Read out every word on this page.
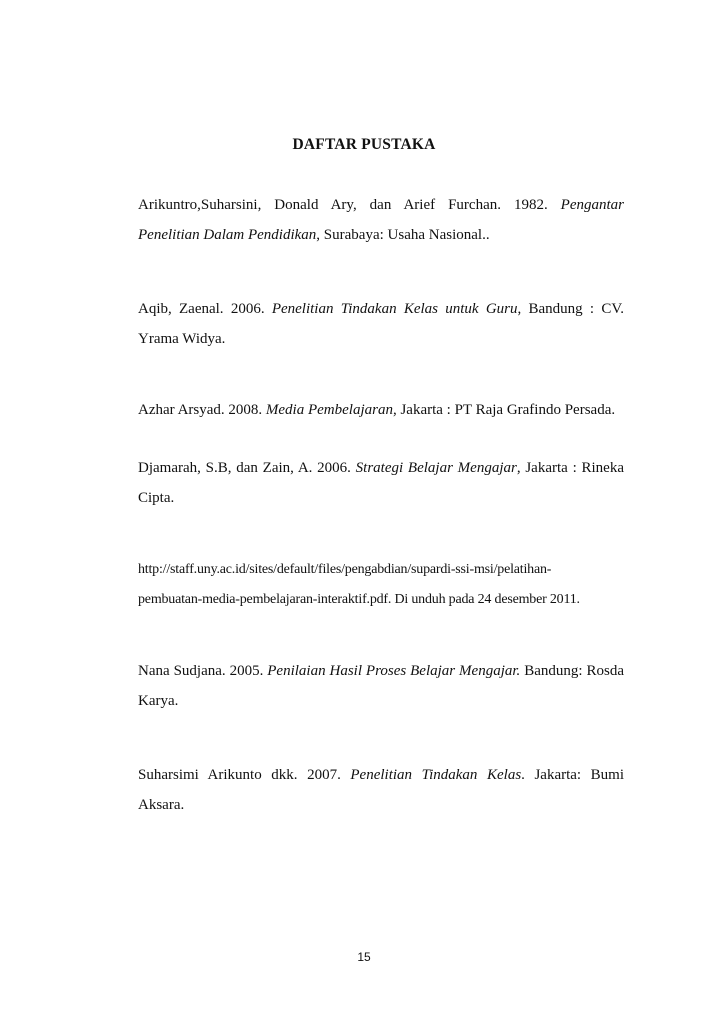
DAFTAR PUSTAKA
Arikuntro,Suharsini, Donald Ary, dan Arief Furchan. 1982. Pengantar Penelitian Dalam Pendidikan, Surabaya: Usaha Nasional..
Aqib, Zaenal. 2006. Penelitian Tindakan Kelas untuk Guru, Bandung : CV. Yrama Widya.
Azhar Arsyad. 2008. Media Pembelajaran, Jakarta : PT Raja Grafindo Persada.
Djamarah, S.B, dan Zain, A. 2006. Strategi Belajar Mengajar, Jakarta : Rineka Cipta.
http://staff.uny.ac.id/sites/default/files/pengabdian/supardi-ssi-msi/pelatihan-
pembuatan-media-pembelajaran-interaktif.pdf. Di unduh pada 24 desember 2011.
Nana Sudjana. 2005. Penilaian Hasil Proses Belajar Mengajar. Bandung: Rosda Karya.
Suharsimi Arikunto dkk. 2007. Penelitian Tindakan Kelas. Jakarta: Bumi Aksara.
15
